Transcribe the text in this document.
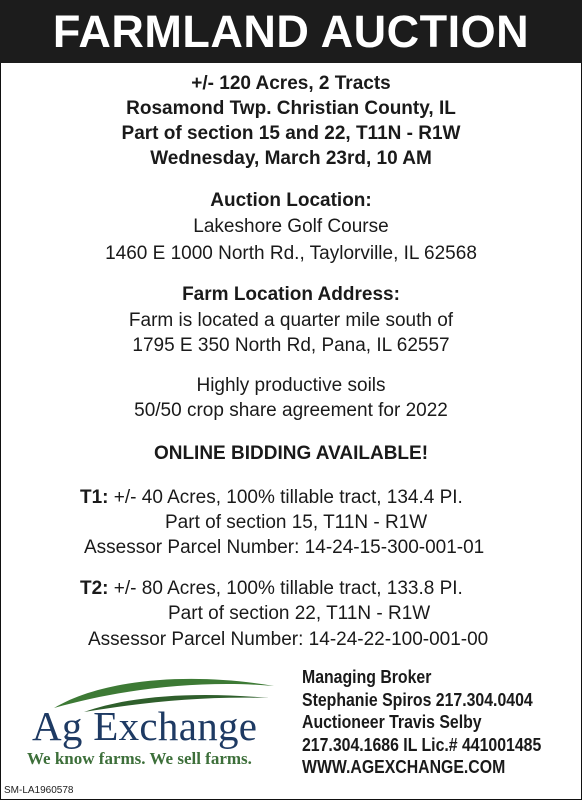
FARMLAND AUCTION
+/- 120 Acres, 2 Tracts
Rosamond Twp. Christian County, IL
Part of section 15 and 22, T11N - R1W
Wednesday, March 23rd, 10 AM
Auction Location:
Lakeshore Golf Course
1460 E 1000 North Rd., Taylorville, IL 62568
Farm Location Address:
Farm is located a quarter mile south of
1795 E 350 North Rd, Pana, IL 62557
Highly productive soils
50/50 crop share agreement for 2022
ONLINE BIDDING AVAILABLE!
T1: +/- 40 Acres, 100% tillable tract, 134.4 PI.
Part of section 15, T11N - R1W
Assessor Parcel Number: 14-24-15-300-001-01
T2: +/- 80 Acres, 100% tillable tract, 133.8 PI.
Part of section 22, T11N - R1W
Assessor Parcel Number: 14-24-22-100-001-00
Ag Exchange
We know farms. We sell farms.
Managing Broker
Stephanie Spiros 217.304.0404
Auctioneer Travis Selby
217.304.1686 IL Lic.# 441001485
WWW.AGEXCHANGE.COM
SM-LA1960578
